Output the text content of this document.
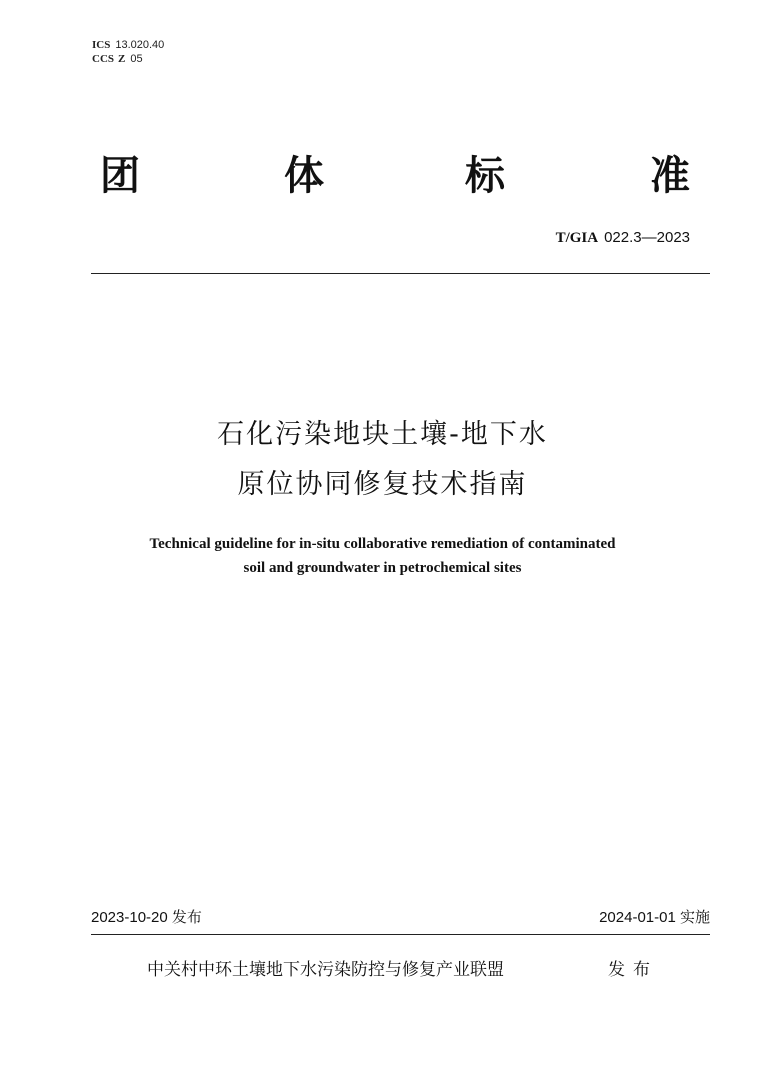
ICS 13.020.40
CCS Z 05
团	体	标	准
T/GIA 022.3—2023
石化污染地块土壤-地下水
原位协同修复技术指南
Technical guideline for in-situ collaborative remediation of contaminated
soil and groundwater in petrochemical sites
2023-10-20 发布	2024-01-01 实施
中关村中环土壤地下水污染防控与修复产业联盟	发布
